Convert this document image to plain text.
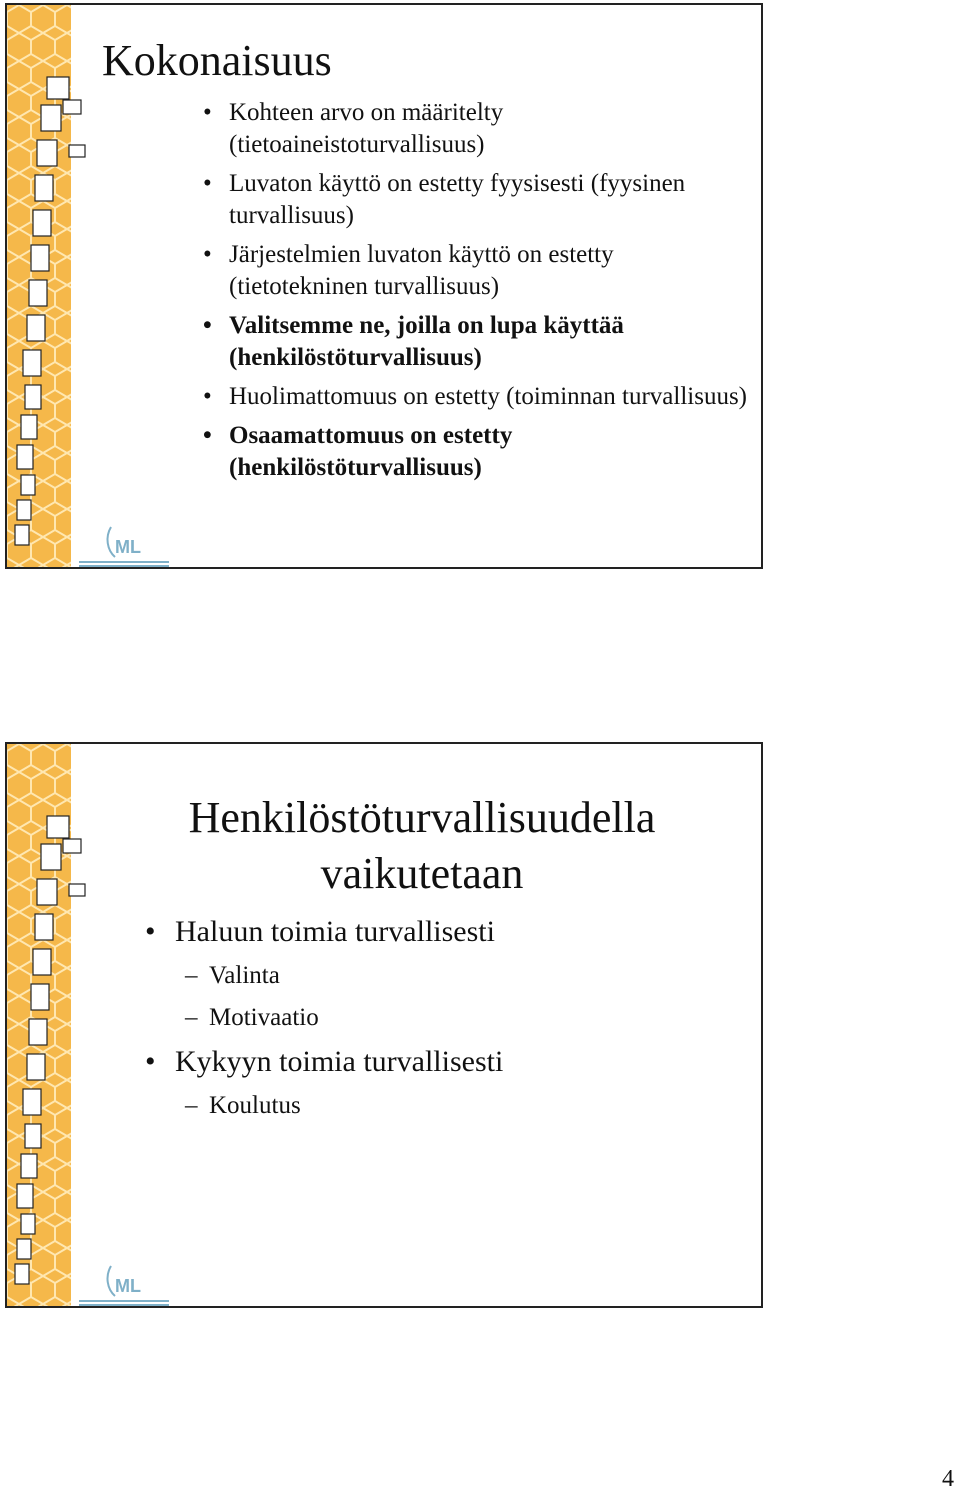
ML
Kokonaisuus
• Kohteen arvo on määritelty (tietoaineistoturvallisuus)
• Luvaton käyttö on estetty fyysisesti (fyysinen turvallisuus)
• Järjestelmien luvaton käyttö on estetty (tietotekninen turvallisuus)
• Valitsemme ne, joilla on lupa käyttää (henkilöstöturvallisuus)
• Huolimattomuus on estetty (toiminnan turvallisuus)
• Osaamattomuus on estetty (henkilöstöturvallisuus)
ML
Henkilöstöturvallisuudella
vaikutetaan
• Haluun toimia turvallisesti
– Valinta
– Motivaatio
• Kykyyn toimia turvallisesti
– Koulutus
4
